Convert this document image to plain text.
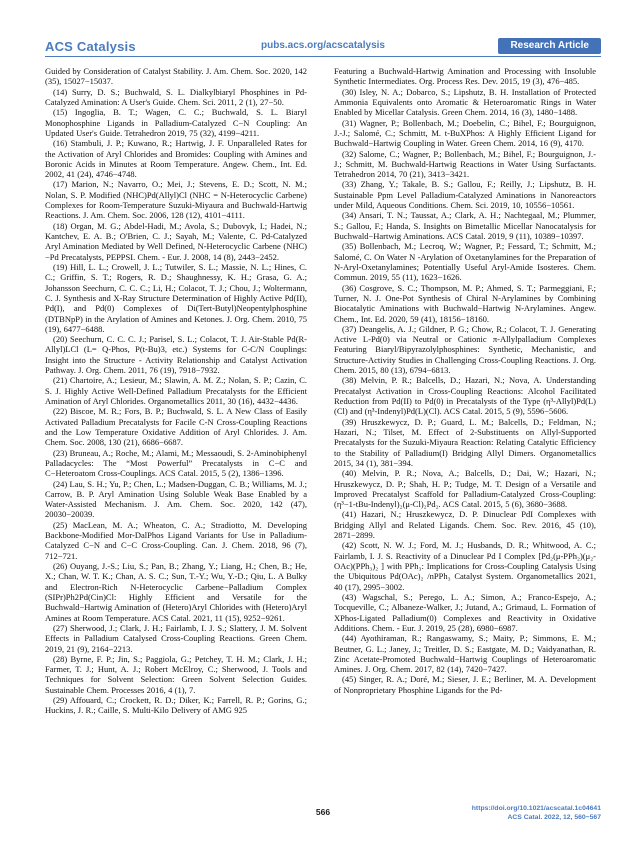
ACS Catalysis	pubs.acs.org/acscatalysis	Research Article

Guided by Consideration of Catalyst Stability. J. Am. Chem. Soc. 2020, 142 (35), 15027−15037.

(14) Surry, D. S.; Buchwald, S. L. Dialkylbiaryl Phosphines in Pd-Catalyzed Amination: A User's Guide. Chem. Sci. 2011, 2 (1), 27−50.

(15) Ingoglia, B. T.; Wagen, C. C.; Buchwald, S. L. Biaryl Monophosphine Ligands in Palladium-Catalyzed C−N Coupling: An Updated User's Guide. Tetrahedron 2019, 75 (32), 4199−4211.

(16) Stambuli, J. P.; Kuwano, R.; Hartwig, J. F. Unparalleled Rates for the Activation of Aryl Chlorides and Bromides: Coupling with Amines and Boronic Acids in Minutes at Room Temperature. Angew. Chem., Int. Ed. 2002, 41 (24), 4746−4748.

(17) Marion, N.; Navarro, O.; Mei, J.; Stevens, E. D.; Scott, N. M.; Nolan, S. P. Modified (NHC)Pd(Allyl)Cl (NHC = N-Heterocyclic Carbene) Complexes for Room-Temperature Suzuki-Miyaura and Buchwald-Hartwig Reactions. J. Am. Chem. Soc. 2006, 128 (12), 4101−4111.

(18) Organ, M. G.; Abdel-Hadi, M.; Avola, S.; Dubovyk, I.; Hadei, N.; Kantchev, E. A. B.; O'Brien, C. J.; Sayah, M.; Valente, C. Pd-Catalyzed Aryl Amination Mediated by Well Defined, N-Heterocyclic Carbene (NHC)−Pd Precatalysts, PEPPSI. Chem. - Eur. J. 2008, 14 (8), 2443−2452.

(19) Hill, L. L.; Crowell, J. L.; Tutwiler, S. L.; Massie, N. L.; Hines, C. C.; Griffin, S. T.; Rogers, R. D.; Shaughnessy, K. H.; Grasa, G. A.; Johansson Seechurn, C. C. C.; Li, H.; Colacot, T. J.; Chou, J.; Woltermann, C. J. Synthesis and X-Ray Structure Determination of Highly Active Pd(II), Pd(I), and Pd(0) Complexes of Di(Tert-Butyl)Neopentylphosphine (DTBNpP) in the Arylation of Amines and Ketones. J. Org. Chem. 2010, 75 (19), 6477−6488.

(20) Seechurn, C. C. C. J.; Parisel, S. L.; Colacot, T. J. Air-Stable Pd(R-Allyl)LCl (L= Q-Phos, P(t-Bu)3, etc.) Systems for C-C/N Couplings: Insight into the Structure - Activity Relationship and Catalyst Activation Pathway. J. Org. Chem. 2011, 76 (19), 7918−7932.

(21) Chartoire, A.; Lesieur, M.; Slawin, A. M. Z.; Nolan, S. P.; Cazin, C. S. J. Highly Active Well-Defined Palladium Precatalysts for the Efficient Amination of Aryl Chlorides. Organometallics 2011, 30 (16), 4432−4436.

(22) Biscoe, M. R.; Fors, B. P.; Buchwald, S. L. A New Class of Easily Activated Palladium Precatalysts for Facile C-N Cross-Coupling Reactions and the Low Temperature Oxidative Addition of Aryl Chlorides. J. Am. Chem. Soc. 2008, 130 (21), 6686−6687.

(23) Bruneau, A.; Roche, M.; Alami, M.; Messaoudi, S. 2-Aminobiphenyl Palladacycles: The “Most Powerful” Precatalysts in C−C and C−Heteroatom Cross-Couplings. ACS Catal. 2015, 5 (2), 1386−1396.

(24) Lau, S. H.; Yu, P.; Chen, L.; Madsen-Duggan, C. B.; Williams, M. J.; Carrow, B. P. Aryl Amination Using Soluble Weak Base Enabled by a Water-Assisted Mechanism. J. Am. Chem. Soc. 2020, 142 (47), 20030−20039.

(25) MacLean, M. A.; Wheaton, C. A.; Stradiotto, M. Developing Backbone-Modified Mor-DalPhos Ligand Variants for Use in Palladium-Catalyzed C−N and C−C Cross-Coupling. Can. J. Chem. 2018, 96 (7), 712−721.

(26) Ouyang, J.-S.; Liu, S.; Pan, B.; Zhang, Y.; Liang, H.; Chen, B.; He, X.; Chan, W. T. K.; Chan, A. S. C.; Sun, T.-Y.; Wu, Y.-D.; Qiu, L. A Bulky and Electron-Rich N-Heterocyclic Carbene−Palladium Complex (SIPr)Ph2Pd(Cin)Cl: Highly Efficient and Versatile for the Buchwald−Hartwig Amination of (Hetero)Aryl Chlorides with (Hetero)Aryl Amines at Room Temperature. ACS Catal. 2021, 11 (15), 9252−9261.

(27) Sherwood, J.; Clark, J. H.; Fairlamb, I. J. S.; Slattery, J. M. Solvent Effects in Palladium Catalysed Cross-Coupling Reactions. Green Chem. 2019, 21 (9), 2164−2213.

(28) Byrne, F. P.; Jin, S.; Paggiola, G.; Petchey, T. H. M.; Clark, J. H.; Farmer, T. J.; Hunt, A. J.; Robert McElroy, C.; Sherwood, J. Tools and Techniques for Solvent Selection: Green Solvent Selection Guides. Sustainable Chem. Processes 2016, 4 (1), 7.

(29) Affouard, C.; Crockett, R. D.; Diker, K.; Farrell, R. P.; Gorins, G.; Huckins, J. R.; Caille, S. Multi-Kilo Delivery of AMG 925

Featuring a Buchwald-Hartwig Amination and Processing with Insoluble Synthetic Intermediates. Org. Process Res. Dev. 2015, 19 (3), 476−485.

(30) Isley, N. A.; Dobarco, S.; Lipshutz, B. H. Installation of Protected Ammonia Equivalents onto Aromatic & Heteroaromatic Rings in Water Enabled by Micellar Catalysis. Green Chem. 2014, 16 (3), 1480−1488.

(31) Wagner, P.; Bollenbach, M.; Doebelin, C.; Bihel, F.; Bourguignon, J.-J.; Salomé, C.; Schmitt, M. t-BuXPhos: A Highly Efficient Ligand for Buchwald−Hartwig Coupling in Water. Green Chem. 2014, 16 (9), 4170.

(32) Salome, C.; Wagner, P.; Bollenbach, M.; Bihel, F.; Bourguignon, J.-J.; Schmitt, M. Buchwald-Hartwig Reactions in Water Using Surfactants. Tetrahedron 2014, 70 (21), 3413−3421.

(33) Zhang, Y.; Takale, B. S.; Gallou, F.; Reilly, J.; Lipshutz, B. H. Sustainable Ppm Level Palladium-Catalyzed Aminations in Nanoreactors under Mild, Aqueous Conditions. Chem. Sci. 2019, 10, 10556−10561.

(34) Ansari, T. N.; Taussat, A.; Clark, A. H.; Nachtegaal, M.; Plummer, S.; Gallou, F.; Handa, S. Insights on Bimetallic Micellar Nanocatalysis for Buchwald−Hartwig Aminations. ACS Catal. 2019, 9 (11), 10389−10397.

(35) Bollenbach, M.; Lecroq, W.; Wagner, P.; Fessard, T.; Schmitt, M.; Salomé, C. On Water N -Arylation of Oxetanylamines for the Preparation of N-Aryl-Oxetanylamines; Potentially Useful Aryl-Amide Isosteres. Chem. Commun. 2019, 55 (11), 1623−1626.

(36) Cosgrove, S. C.; Thompson, M. P.; Ahmed, S. T.; Parmeggiani, F.; Turner, N. J. One-Pot Synthesis of Chiral N-Arylamines by Combining Biocatalytic Aminations with Buchwald−Hartwig N-Arylamines. Angew. Chem., Int. Ed. 2020, 59 (41), 18156−18160.

(37) Deangelis, A. J.; Gildner, P. G.; Chow, R.; Colacot, T. J. Generating Active L-Pd(0) via Neutral or Cationic π-Allylpalladium Complexes Featuring Biaryl/Bipyrazolylphosphines: Synthetic, Mechanistic, and Structure-Activity Studies in Challenging Cross-Coupling Reactions. J. Org. Chem. 2015, 80 (13), 6794−6813.

(38) Melvin, P. R.; Balcells, D.; Hazari, N.; Nova, A. Understanding Precatalyst Activation in Cross-Coupling Reactions: Alcohol Facilitated Reduction from Pd(II) to Pd(0) in Precatalysts of the Type (η³-Allyl)Pd(L)(Cl) and (η³-Indenyl)Pd(L)(Cl). ACS Catal. 2015, 5 (9), 5596−5606.

(39) Hruszkewycz, D. P.; Guard, L. M.; Balcells, D.; Feldman, N.; Hazari, N.; Tilset, M. Effect of 2-Substituents on Allyl-Supported Precatalysts for the Suzuki-Miyaura Reaction: Relating Catalytic Efficiency to the Stability of Palladium(I) Bridging Allyl Dimers. Organometallics 2015, 34 (1), 381−394.

(40) Melvin, P. R.; Nova, A.; Balcells, D.; Dai, W.; Hazari, N.; Hruszkewycz, D. P.; Shah, H. P.; Tudge, M. T. Design of a Versatile and Improved Precatalyst Scaffold for Palladium-Catalyzed Cross-Coupling: (η³−1-tBu-Indenyl)₂(μ-Cl)₂Pd₂. ACS Catal. 2015, 5 (6), 3680−3688.

(41) Hazari, N.; Hruszkewycz, D. P. Dinuclear PdI Complexes with Bridging Allyl and Related Ligands. Chem. Soc. Rev. 2016, 45 (10), 2871−2899.

(42) Scott, N. W. J.; Ford, M. J.; Husbands, D. R.; Whitwood, A. C.; Fairlamb, I. J. S. Reactivity of a Dinuclear Pd I Complex [Pd₂(μ-PPh₂)(μ₂-OAc)(PPh₃)₂ ] with PPh₃: Implications for Cross-Coupling Catalysis Using the Ubiquitous Pd(OAc)₂ /nPPh₃ Catalyst System. Organometallics 2021, 40 (17), 2995−3002.

(43) Wagschal, S.; Perego, L. A.; Simon, A.; Franco-Espejo, A.; Tocqueville, C.; Albaneze-Walker, J.; Jutand, A.; Grimaud, L. Formation of XPhos-Ligated Palladium(0) Complexes and Reactivity in Oxidative Additions. Chem. - Eur. J. 2019, 25 (28), 6980−6987.

(44) Ayothiraman, R.; Rangaswamy, S.; Maity, P.; Simmons, E. M.; Beutner, G. L.; Janey, J.; Treitler, D. S.; Eastgate, M. D.; Vaidyanathan, R. Zinc Acetate-Promoted Buchwald−Hartwig Couplings of Heteroaromatic Amines. J. Org. Chem. 2017, 82 (14), 7420−7427.

(45) Singer, R. A.; Doré, M.; Sieser, J. E.; Berliner, M. A. Development of Nonproprietary Phosphine Ligands for the Pd-

566	https://doi.org/10.1021/acscatal.1c04641
ACS Catal. 2022, 12, 560−567
